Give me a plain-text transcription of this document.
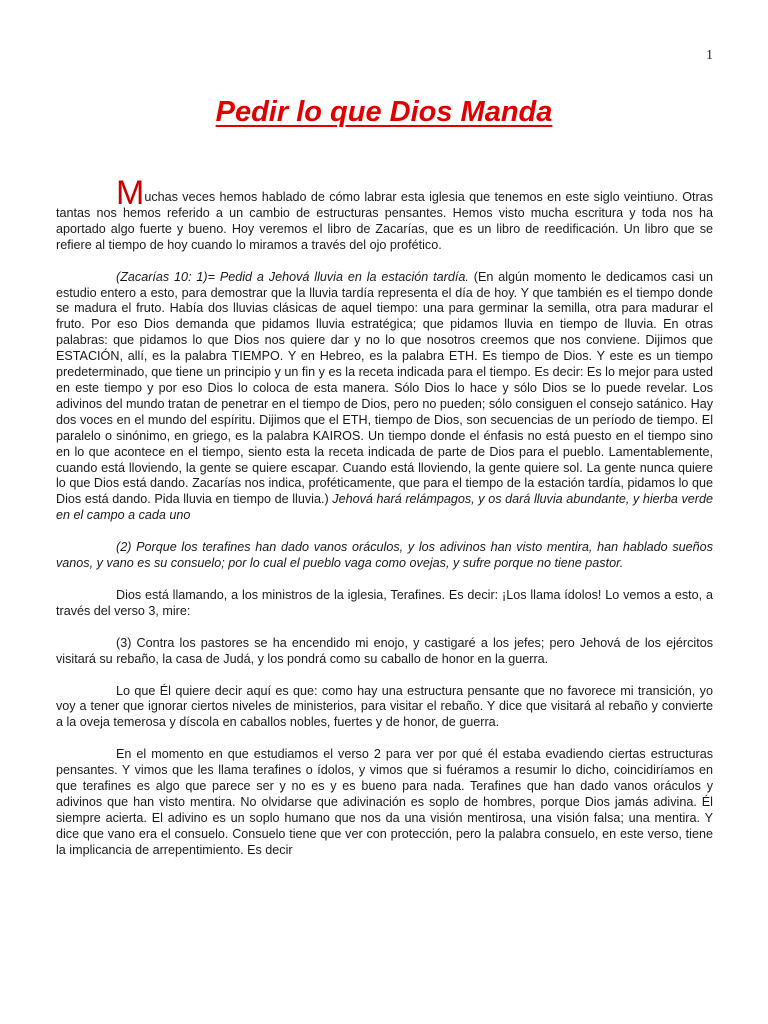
1
Pedir lo que Dios Manda

Muchas veces hemos hablado de cómo labrar esta iglesia que tenemos en este siglo veintiuno. Otras tantas nos hemos referido a un cambio de estructuras pensantes. Hemos visto mucha escritura y toda nos ha aportado algo fuerte y bueno. Hoy veremos el libro de Zacarías, que es un libro de reedificación. Un libro que se refiere al tiempo de hoy cuando lo miramos a través del ojo profético.

(Zacarías 10: 1)= Pedid a Jehová lluvia en la estación tardía. (En algún momento le dedicamos casi un estudio entero a esto, para demostrar que la lluvia tardía representa el día de hoy. Y que también es el tiempo donde se madura el fruto. Había dos lluvias clásicas de aquel tiempo: una para germinar la semilla, otra para madurar el fruto. Por eso Dios demanda que pidamos lluvia estratégica; que pidamos lluvia en tiempo de lluvia. En otras palabras: que pidamos lo que Dios nos quiere dar y no lo que nosotros creemos que nos conviene. Dijimos que ESTACIÓN, allí, es la palabra TIEMPO. Y en Hebreo, es la palabra ETH. Es tiempo de Dios. Y este es un tiempo predeterminado, que tiene un principio y un fin y es la receta indicada para el tiempo. Es decir: Es lo mejor para usted en este tiempo y por eso Dios lo coloca de esta manera. Sólo Dios lo hace y sólo Dios se lo puede revelar. Los adivinos del mundo tratan de penetrar en el tiempo de Dios, pero no pueden; sólo consiguen el consejo satánico. Hay dos voces en el mundo del espíritu. Dijimos que el ETH, tiempo de Dios, son secuencias de un período de tiempo. El paralelo o sinónimo, en griego, es la palabra KAIROS. Un tiempo donde el énfasis no está puesto en el tiempo sino en lo que acontece en el tiempo, siento esta la receta indicada de parte de Dios para el pueblo. Lamentablemente, cuando está lloviendo, la gente se quiere escapar. Cuando está lloviendo, la gente quiere sol. La gente nunca quiere lo que Dios está dando. Zacarías nos indica, proféticamente, que para el tiempo de la estación tardía, pidamos lo que Dios está dando. Pida lluvia en tiempo de lluvia.) Jehová hará relámpagos, y os dará lluvia abundante, y hierba verde en el campo a cada uno

(2) Porque los terafines han dado vanos oráculos, y los adivinos han visto mentira, han hablado sueños vanos, y vano es su consuelo; por lo cual el pueblo vaga como ovejas, y sufre porque no tiene pastor.

Dios está llamando, a los ministros de la iglesia, Terafines. Es decir: ¡Los llama ídolos! Lo vemos a esto, a través del verso 3, mire:

(3) Contra los pastores se ha encendido mi enojo, y castigaré a los jefes; pero Jehová de los ejércitos visitará su rebaño, la casa de Judá, y los pondrá como su caballo de honor en la guerra.

Lo que Él quiere decir aquí es que: como hay una estructura pensante que no favorece mi transición, yo voy a tener que ignorar ciertos niveles de ministerios, para visitar el rebaño. Y dice que visitará al rebaño y convierte a la oveja temerosa y díscola en caballos nobles, fuertes y de honor, de guerra.

En el momento en que estudiamos el verso 2 para ver por qué él estaba evadiendo ciertas estructuras pensantes. Y vimos que les llama terafines o ídolos, y vimos que si fuéramos a resumir lo dicho, coincidiríamos en que terafines es algo que parece ser y no es y es bueno para nada. Terafines que han dado vanos oráculos y adivinos que han visto mentira. No olvidarse que adivinación es soplo de hombres, porque Dios jamás adivina. Él siempre acierta. El adivino es un soplo humano que nos da una visión mentirosa, una visión falsa; una mentira. Y dice que vano era el consuelo. Consuelo tiene que ver con protección, pero la palabra consuelo, en este verso, tiene la implicancia de arrepentimiento. Es decir
